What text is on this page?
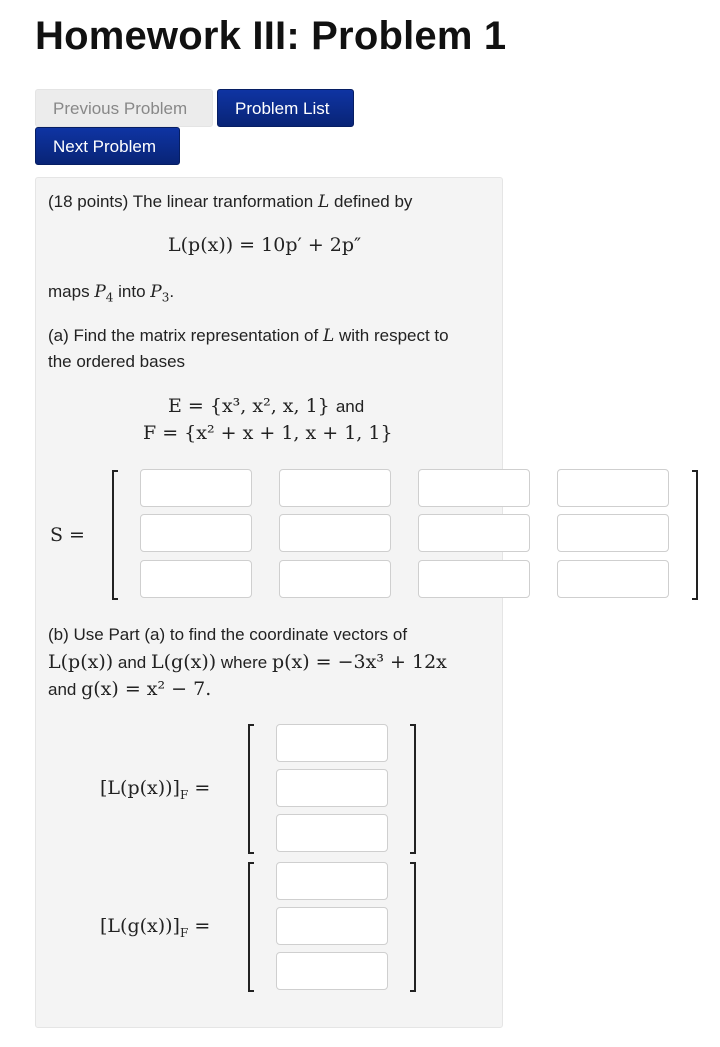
Homework III: Problem 1
Previous Problem	Problem List
Next Problem
(18 points) The linear tranformation L defined by
L(p(x)) = 10p′ + 2p″
maps $P_4$ into $P_3$.
(a) Find the matrix representation of L with respect to
the ordered bases
E = {x³, x², x, 1} and
F = {x² + x + 1, x + 1, 1}
S =
(b) Use Part (a) to find the coordinate vectors of
L(p(x)) and L(g(x)) where p(x) = −3x³ + 12x
and g(x) = x² − 7.
$[L(p(x))]_F$ =
$[L(g(x))]_F$ =
